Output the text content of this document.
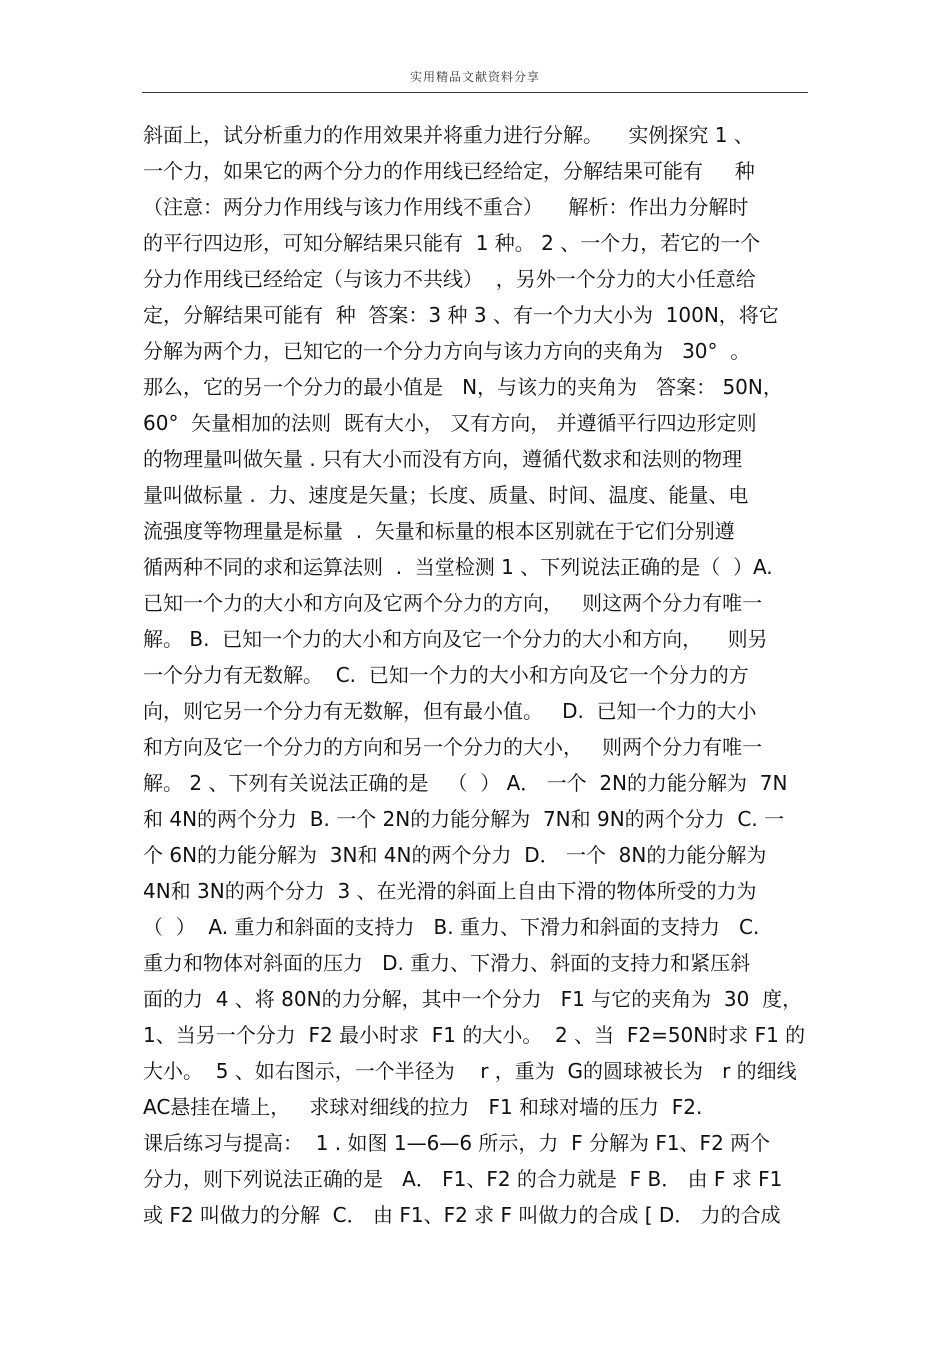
实用精品文献资料分享
斜面上，试分析重力的作用效果并将重力进行分解。    实例探究 1 、
一个力，如果它的两个分力的作用线已经给定，分解结果可能有     种
（注意：两分力作用线与该力作用线不重合）    解析：作出力分解时
的平行四边形，可知分解结果只能有  1 种。 2 、一个力，若它的一个
分力作用线已经给定（与该力不共线）  ，另外一个分力的大小任意给
定，分解结果可能有  种  答案：3 种 3 、有一个力大小为  100N，将它
分解为两个力，已知它的一个分力方向与该力方向的夹角为   30°  。
那么，它的另一个分力的最小值是   N，与该力的夹角为   答案： 50N，
60°  矢量相加的法则  既有大小， 又有方向， 并遵循平行四边形定则
的物理量叫做矢量 . 只有大小而没有方向，遵循代数求和法则的物理
量叫做标量 .  力、速度是矢量；长度、质量、时间、温度、能量、电
流强度等物理量是标量  .  矢量和标量的根本区别就在于它们分别遵
循两种不同的求和运算法则  .  当堂检测 1 、下列说法正确的是（  ）A.
已知一个力的大小和方向及它两个分力的方向，   则这两个分力有唯一
解。 B.  已知一个力的大小和方向及它一个分力的大小和方向，    则另
一个分力有无数解。  C.  已知一个力的大小和方向及它一个分力的方
向，则它另一个分力有无数解，但有最小值。   D.  已知一个力的大小
和方向及它一个分力的方向和另一个分力的大小，   则两个分力有唯一
解。 2 、下列有关说法正确的是   （  ） A． 一个  2N的力能分解为  7N
和 4N的两个分力  B. 一个 2N的力能分解为  7N和 9N的两个分力  C. 一
个 6N的力能分解为  3N和 4N的两个分力  D． 一个  8N的力能分解为
4N和 3N的两个分力  3 、在光滑的斜面上自由下滑的物体所受的力为
（  ）  A. 重力和斜面的支持力   B. 重力、下滑力和斜面的支持力   C.
重力和物体对斜面的压力   D. 重力、下滑力、斜面的支持力和紧压斜
面的力  4 、将 80N的力分解，其中一个分力   F1 与它的夹角为  30  度，
1、当另一个分力  F2 最小时求  F1 的大小。  2 、当  F2=50N时求 F1 的
大小。  5 、如右图示，一个半径为    r ，重为  G的圆球被长为   r 的细线
AC悬挂在墙上，   求球对细线的拉力   F1 和球对墙的压力  F2.
课后练习与提高：  1 . 如图 1—6—6 所示，力  F 分解为 F1、F2 两个
分力，则下列说法正确的是   A． F1、F2 的合力就是  F B． 由 F 求 F1
或 F2 叫做力的分解  C． 由 F1、F2 求 F 叫做力的合成 [ D． 力的合成
